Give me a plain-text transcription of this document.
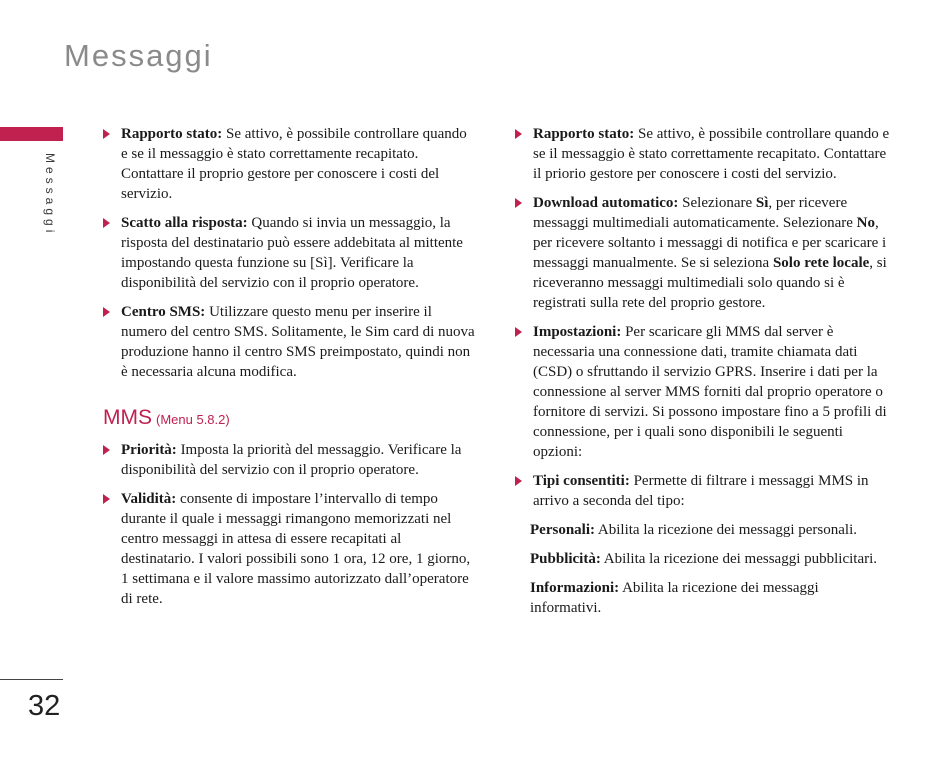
Messaggi
Messaggi
32
Rapporto stato: Se attivo, è possibile controllare quando e se il messaggio è stato correttamente recapitato. Contattare il proprio gestore per conoscere i costi del servizio.
Scatto alla risposta: Quando si invia un messaggio, la risposta del destinatario può essere addebitata al mittente impostando questa funzione su [Sì]. Verificare la disponibilità del servizio con il proprio operatore.
Centro SMS: Utilizzare questo menu per inserire il numero del centro SMS. Solitamente, le Sim card di nuova produzione hanno il centro SMS preimpostato, quindi non è necessaria alcuna modifica.
MMS (Menu 5.8.2)
Priorità: Imposta la priorità del messaggio. Verificare la disponibilità del servizio con il proprio operatore.
Validità: consente di impostare l’intervallo di tempo durante il quale i messaggi rimangono memorizzati nel centro messaggi in attesa di essere recapitati al destinatario. I valori possibili sono 1 ora, 12 ore, 1 giorno, 1 settimana e il valore massimo autorizzato dall’operatore di rete.
Rapporto stato: Se attivo, è possibile controllare quando e se il messaggio è stato correttamente recapitato. Contattare il priorio gestore per conoscere i costi del servizio.
Download automatico: Selezionare Sì, per ricevere messaggi multimediali automaticamente. Selezionare No, per ricevere soltanto i messaggi di notifica e per scaricare i messaggi manualmente. Se si seleziona Solo rete locale, si riceveranno messaggi multimediali solo quando si è registrati sulla rete del proprio gestore.
Impostazioni: Per scaricare gli MMS dal server è necessaria una connessione dati, tramite chiamata dati (CSD) o sfruttando il servizio GPRS. Inserire i dati per la connessione al server MMS forniti dal proprio operatore o fornitore di servizi. Si possono impostare fino a 5 profili di connessione, per i quali sono disponibili le seguenti opzioni:
Tipi consentiti: Permette di filtrare i messaggi MMS in arrivo a seconda del tipo:
Personali: Abilita la ricezione dei messaggi personali.
Pubblicità: Abilita la ricezione dei messaggi pubblicitari.
Informazioni: Abilita la ricezione dei messaggi informativi.
